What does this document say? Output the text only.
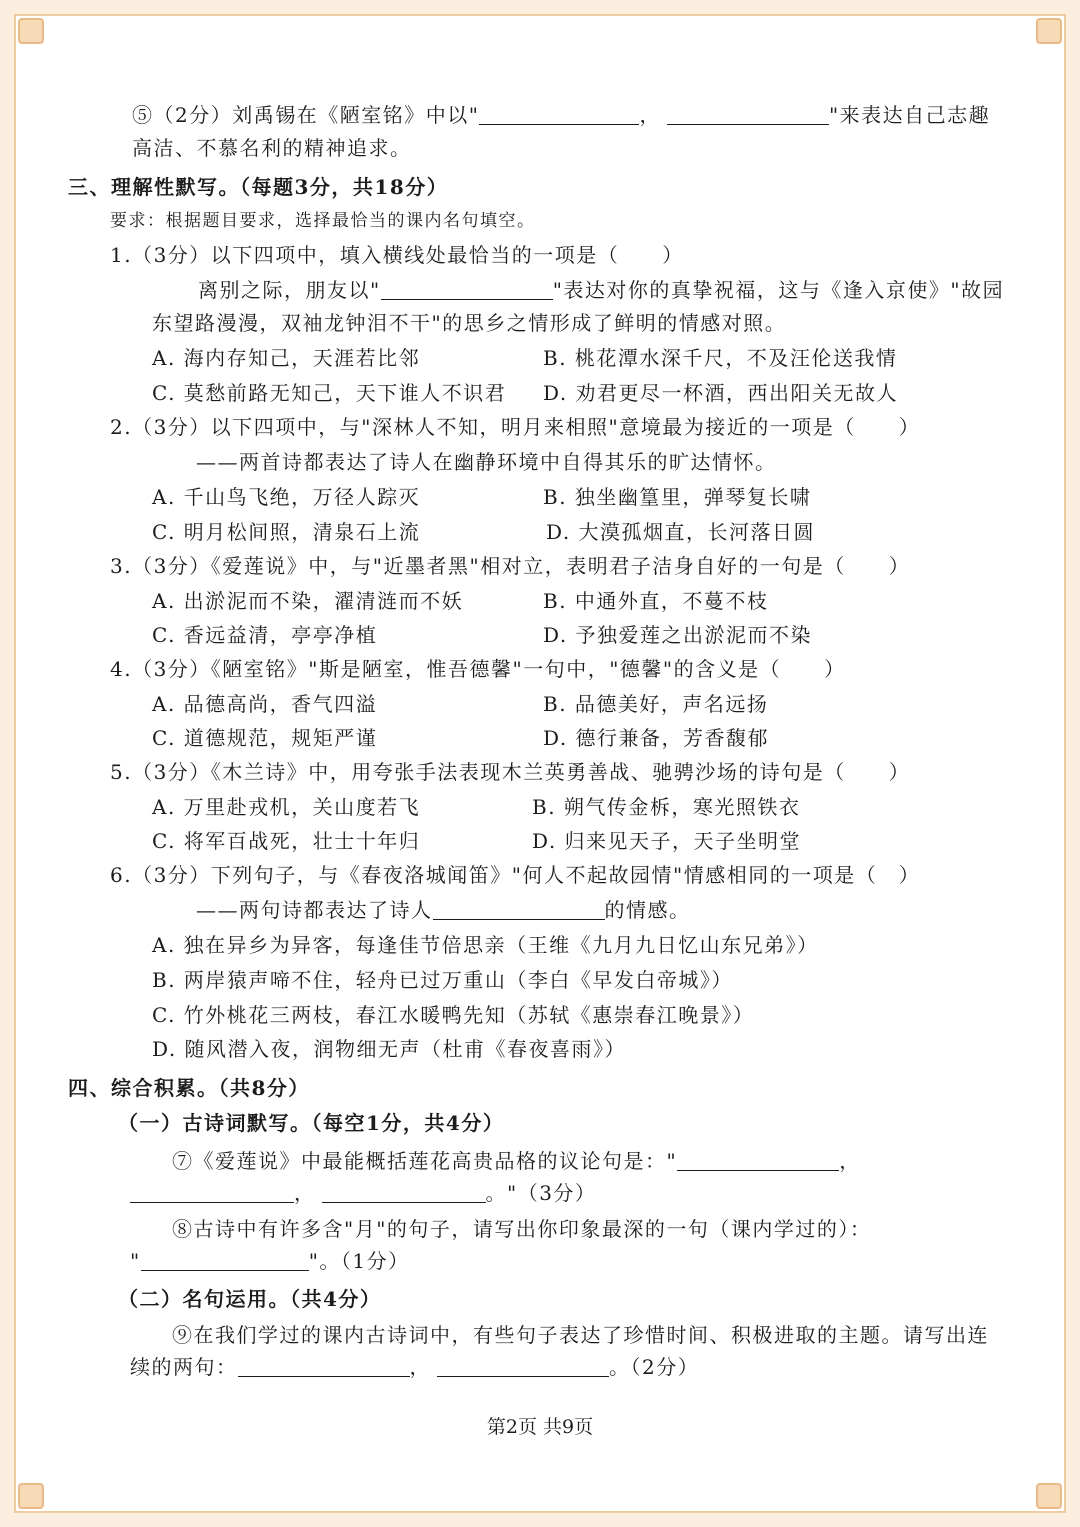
⑤（2分）刘禹锡在《陋室铭》中以"	，	"来表达自己志趣
高洁、不慕名利的精神追求。
三、理解性默写。（每题3分，共18分）
要求：根据题目要求，选择最恰当的课内名句填空。
1.（3分）以下四项中，填入横线处最恰当的一项是（　　）
离别之际，朋友以"	"表达对你的真挚祝福，这与《逢入京使》"故园
东望路漫漫，双袖龙钟泪不干"的思乡之情形成了鲜明的情感对照。
A. 海内存知己，天涯若比邻	B. 桃花潭水深千尺，不及汪伦送我情
C. 莫愁前路无知己，天下谁人不识君 D. 劝君更尽一杯酒，西出阳关无故人
2.（3分）以下四项中，与"深林人不知，明月来相照"意境最为接近的一项是（　　）
——两首诗都表达了诗人在幽静环境中自得其乐的旷达情怀。
A. 千山鸟飞绝，万径人踪灭	B. 独坐幽篁里，弹琴复长啸
C. 明月松间照，清泉石上流	D. 大漠孤烟直，长河落日圆
3.（3分）《爱莲说》中，与"近墨者黑"相对立，表明君子洁身自好的一句是（　　）
A. 出淤泥而不染，濯清涟而不妖	B. 中通外直，不蔓不枝
C. 香远益清，亭亭净植	D. 予独爱莲之出淤泥而不染
4.（3分）《陋室铭》"斯是陋室，惟吾德馨"一句中，"德馨"的含义是（　　）
A. 品德高尚，香气四溢	B. 品德美好，声名远扬
C. 道德规范，规矩严谨	D. 德行兼备，芳香馥郁
5.（3分）《木兰诗》中，用夸张手法表现木兰英勇善战、驰骋沙场的诗句是（　　）
A. 万里赴戎机，关山度若飞	B. 朔气传金柝，寒光照铁衣
C. 将军百战死，壮士十年归	D. 归来见天子，天子坐明堂
6.（3分）下列句子，与《春夜洛城闻笛》"何人不起故园情"情感相同的一项是（　）
——两句诗都表达了诗人	的情感。
A. 独在异乡为异客，每逢佳节倍思亲（王维《九月九日忆山东兄弟》）
B. 两岸猿声啼不住，轻舟已过万重山（李白《早发白帝城》）
C. 竹外桃花三两枝，春江水暖鸭先知（苏轼《惠崇春江晚景》）
D. 随风潜入夜，润物细无声（杜甫《春夜喜雨》）
四、综合积累。（共8分）
（一）古诗词默写。（每空1分，共4分）
⑦《爱莲说》中最能概括莲花高贵品格的议论句是："	，
，	。"（3分）
⑧古诗中有许多含"月"的句子，请写出你印象最深的一句（课内学过的）：
"	"。（1分）
（二）名句运用。（共4分）
⑨在我们学过的课内古诗词中，有些句子表达了珍惜时间、积极进取的主题。请写出连
续的两句：	，	。（2分）
第2页 共9页
